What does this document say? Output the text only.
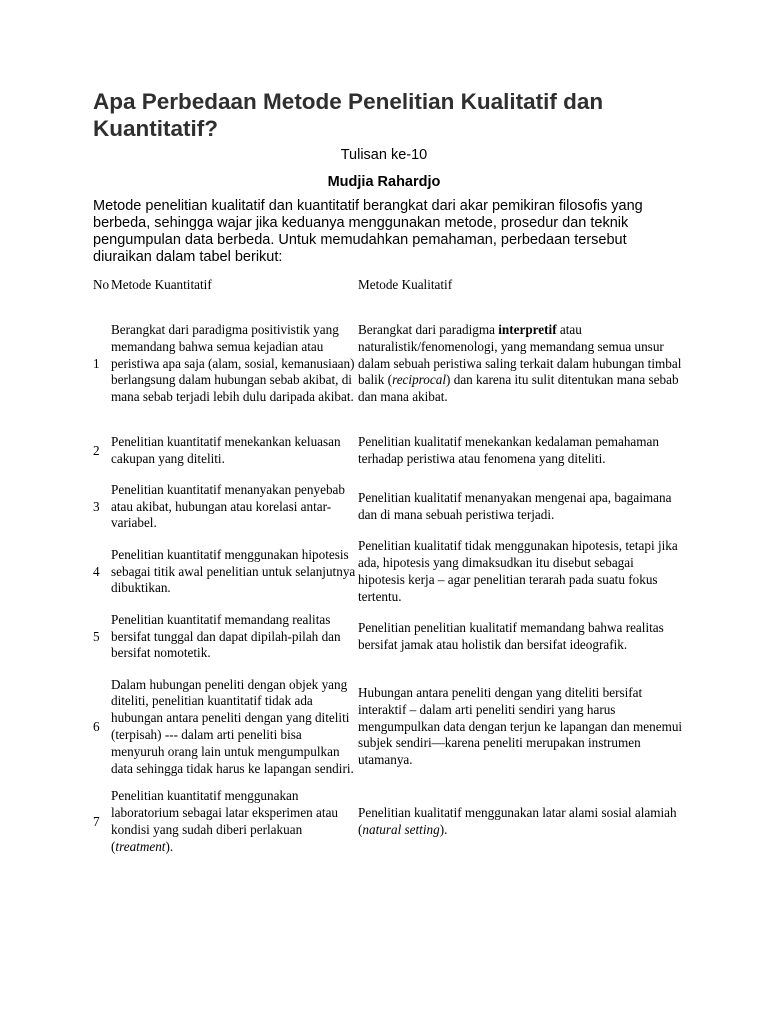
Apa Perbedaan Metode Penelitian Kualitatif dan Kuantitatif?
Tulisan ke-10
Mudjia Rahardjo

Metode penelitian kualitatif dan kuantitatif berangkat dari akar pemikiran filosofis yang berbeda, sehingga wajar jika keduanya menggunakan metode, prosedur dan teknik pengumpulan data berbeda. Untuk memudahkan pemahaman, perbedaan tersebut diuraikan dalam tabel berikut:

No Metode Kuantitatif	Metode Kualitatif
1
Berangkat dari paradigma positivistik yang memandang bahwa semua kejadian atau peristiwa apa saja (alam, sosial, kemanusiaan) berlangsung dalam hubungan sebab akibat, di mana sebab terjadi lebih dulu daripada akibat.
Berangkat dari paradigma interpretif atau naturalistik/fenomenologi, yang memandang semua unsur dalam sebuah peristiwa saling terkait dalam hubungan timbal balik (reciprocal) dan karena itu sulit ditentukan mana sebab dan mana akibat.
2
Penelitian kuantitatif menekankan keluasan cakupan yang diteliti.
Penelitian kualitatif menekankan kedalaman pemahaman terhadap peristiwa atau fenomena yang diteliti.
3
Penelitian kuantitatif menanyakan penyebab atau akibat, hubungan atau korelasi antar-variabel.
Penelitian kualitatif menanyakan mengenai apa, bagaimana dan di mana sebuah peristiwa terjadi.
4
Penelitian kuantitatif menggunakan hipotesis sebagai titik awal penelitian untuk selanjutnya dibuktikan.
Penelitian kualitatif tidak menggunakan hipotesis, tetapi jika ada, hipotesis yang dimaksudkan itu disebut sebagai hipotesis kerja – agar penelitian terarah pada suatu fokus tertentu.
5
Penelitian kuantitatif memandang realitas bersifat tunggal dan dapat dipilah-pilah dan bersifat nomotetik.
Penelitian penelitian kualitatif memandang bahwa realitas bersifat jamak atau holistik dan bersifat ideografik.
6
Dalam hubungan peneliti dengan objek yang diteliti, penelitian kuantitatif tidak ada hubungan antara peneliti dengan yang diteliti (terpisah) --- dalam arti peneliti bisa menyuruh orang lain untuk mengumpulkan data sehingga tidak harus ke lapangan sendiri.
Hubungan antara peneliti dengan yang diteliti bersifat interaktif – dalam arti peneliti sendiri yang harus mengumpulkan data dengan terjun ke lapangan dan menemui subjek sendiri—karena peneliti merupakan instrumen utamanya.
7
Penelitian kuantitatif menggunakan laboratorium sebagai latar eksperimen atau kondisi yang sudah diberi perlakuan (treatment).
Penelitian kualitatif menggunakan latar alami sosial alamiah (natural setting).
